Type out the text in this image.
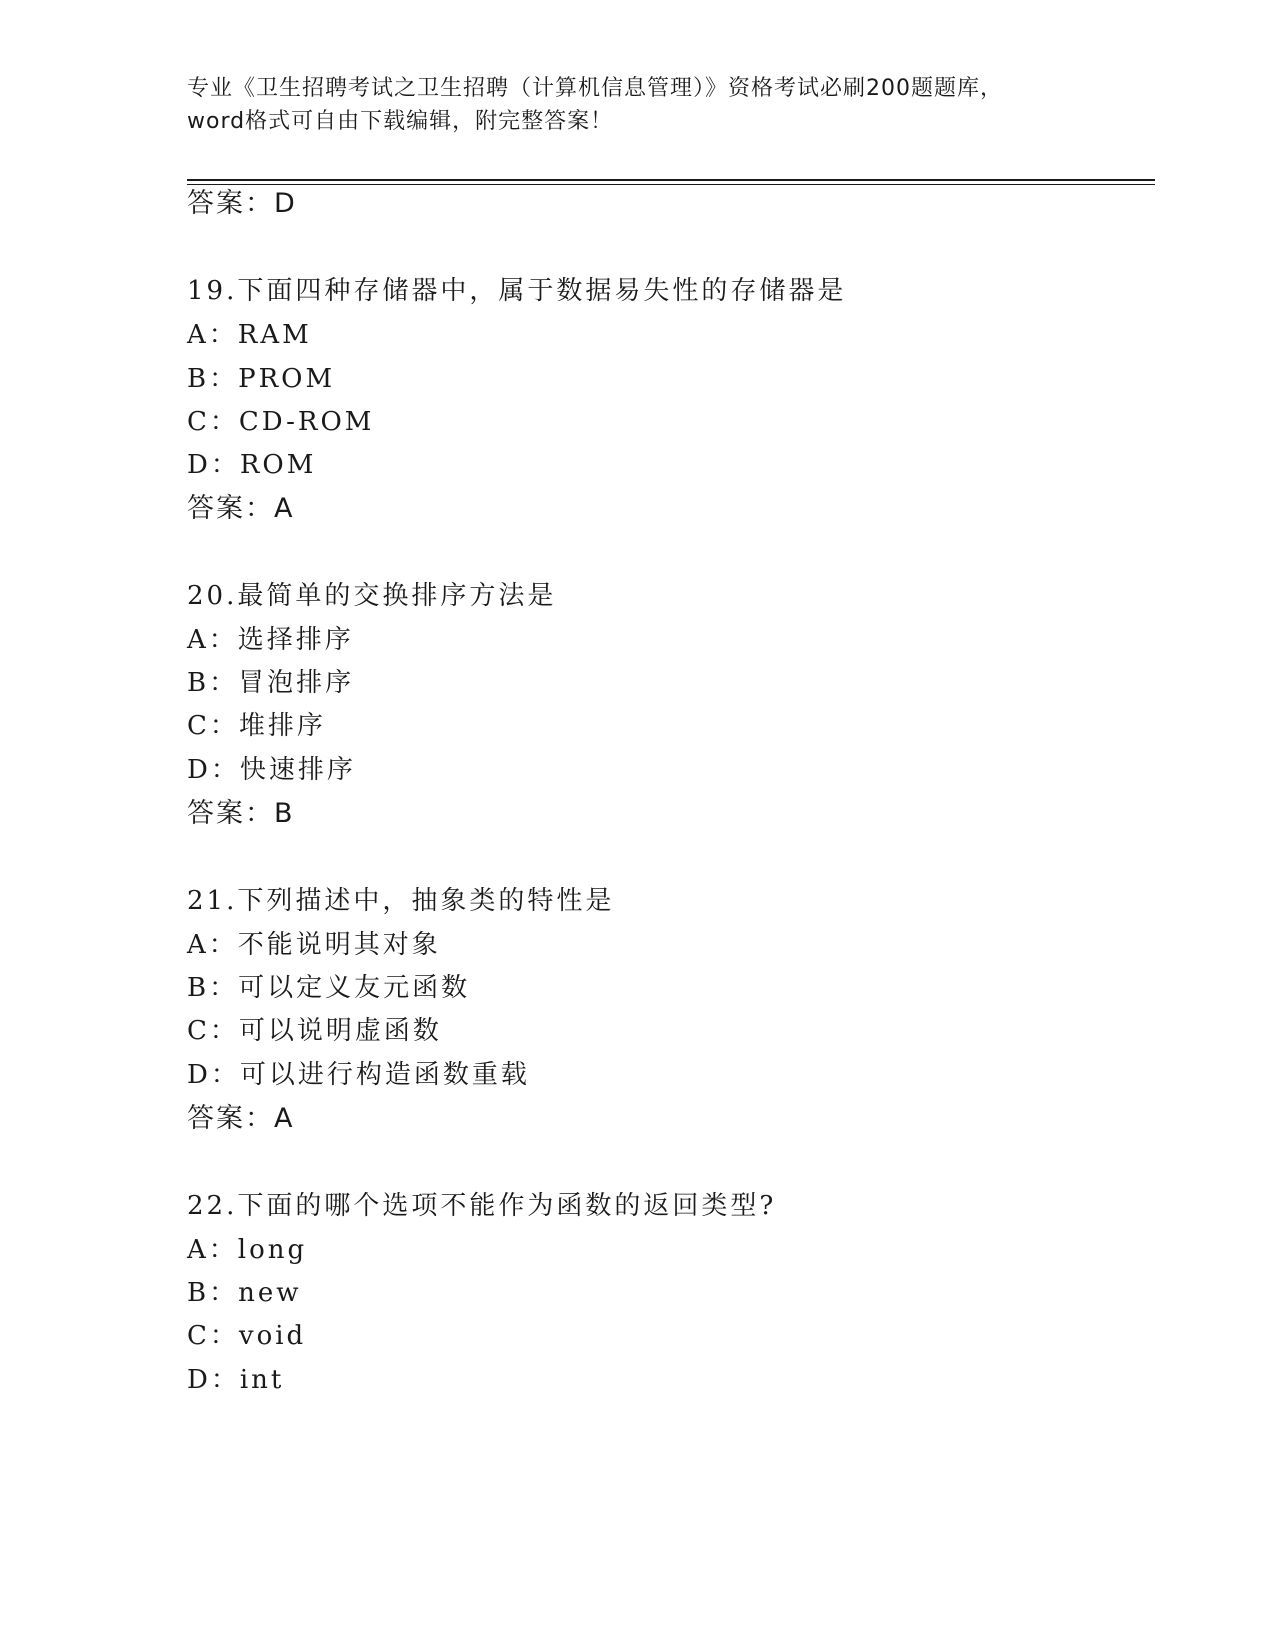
专业《卫生招聘考试之卫生招聘（计算机信息管理）》资格考试必刷200题题库，
word格式可自由下载编辑，附完整答案！
答案：D
19.下面四种存储器中，属于数据易失性的存储器是
A：RAM
B：PROM
C：CD-ROM
D：ROM
答案：A
20.最简单的交换排序方法是
A：选择排序
B：冒泡排序
C：堆排序
D：快速排序
答案：B
21.下列描述中，抽象类的特性是
A：不能说明其对象
B：可以定义友元函数
C：可以说明虚函数
D：可以进行构造函数重载
答案：A
22.下面的哪个选项不能作为函数的返回类型?
A：long
B：new
C：void
D：int
